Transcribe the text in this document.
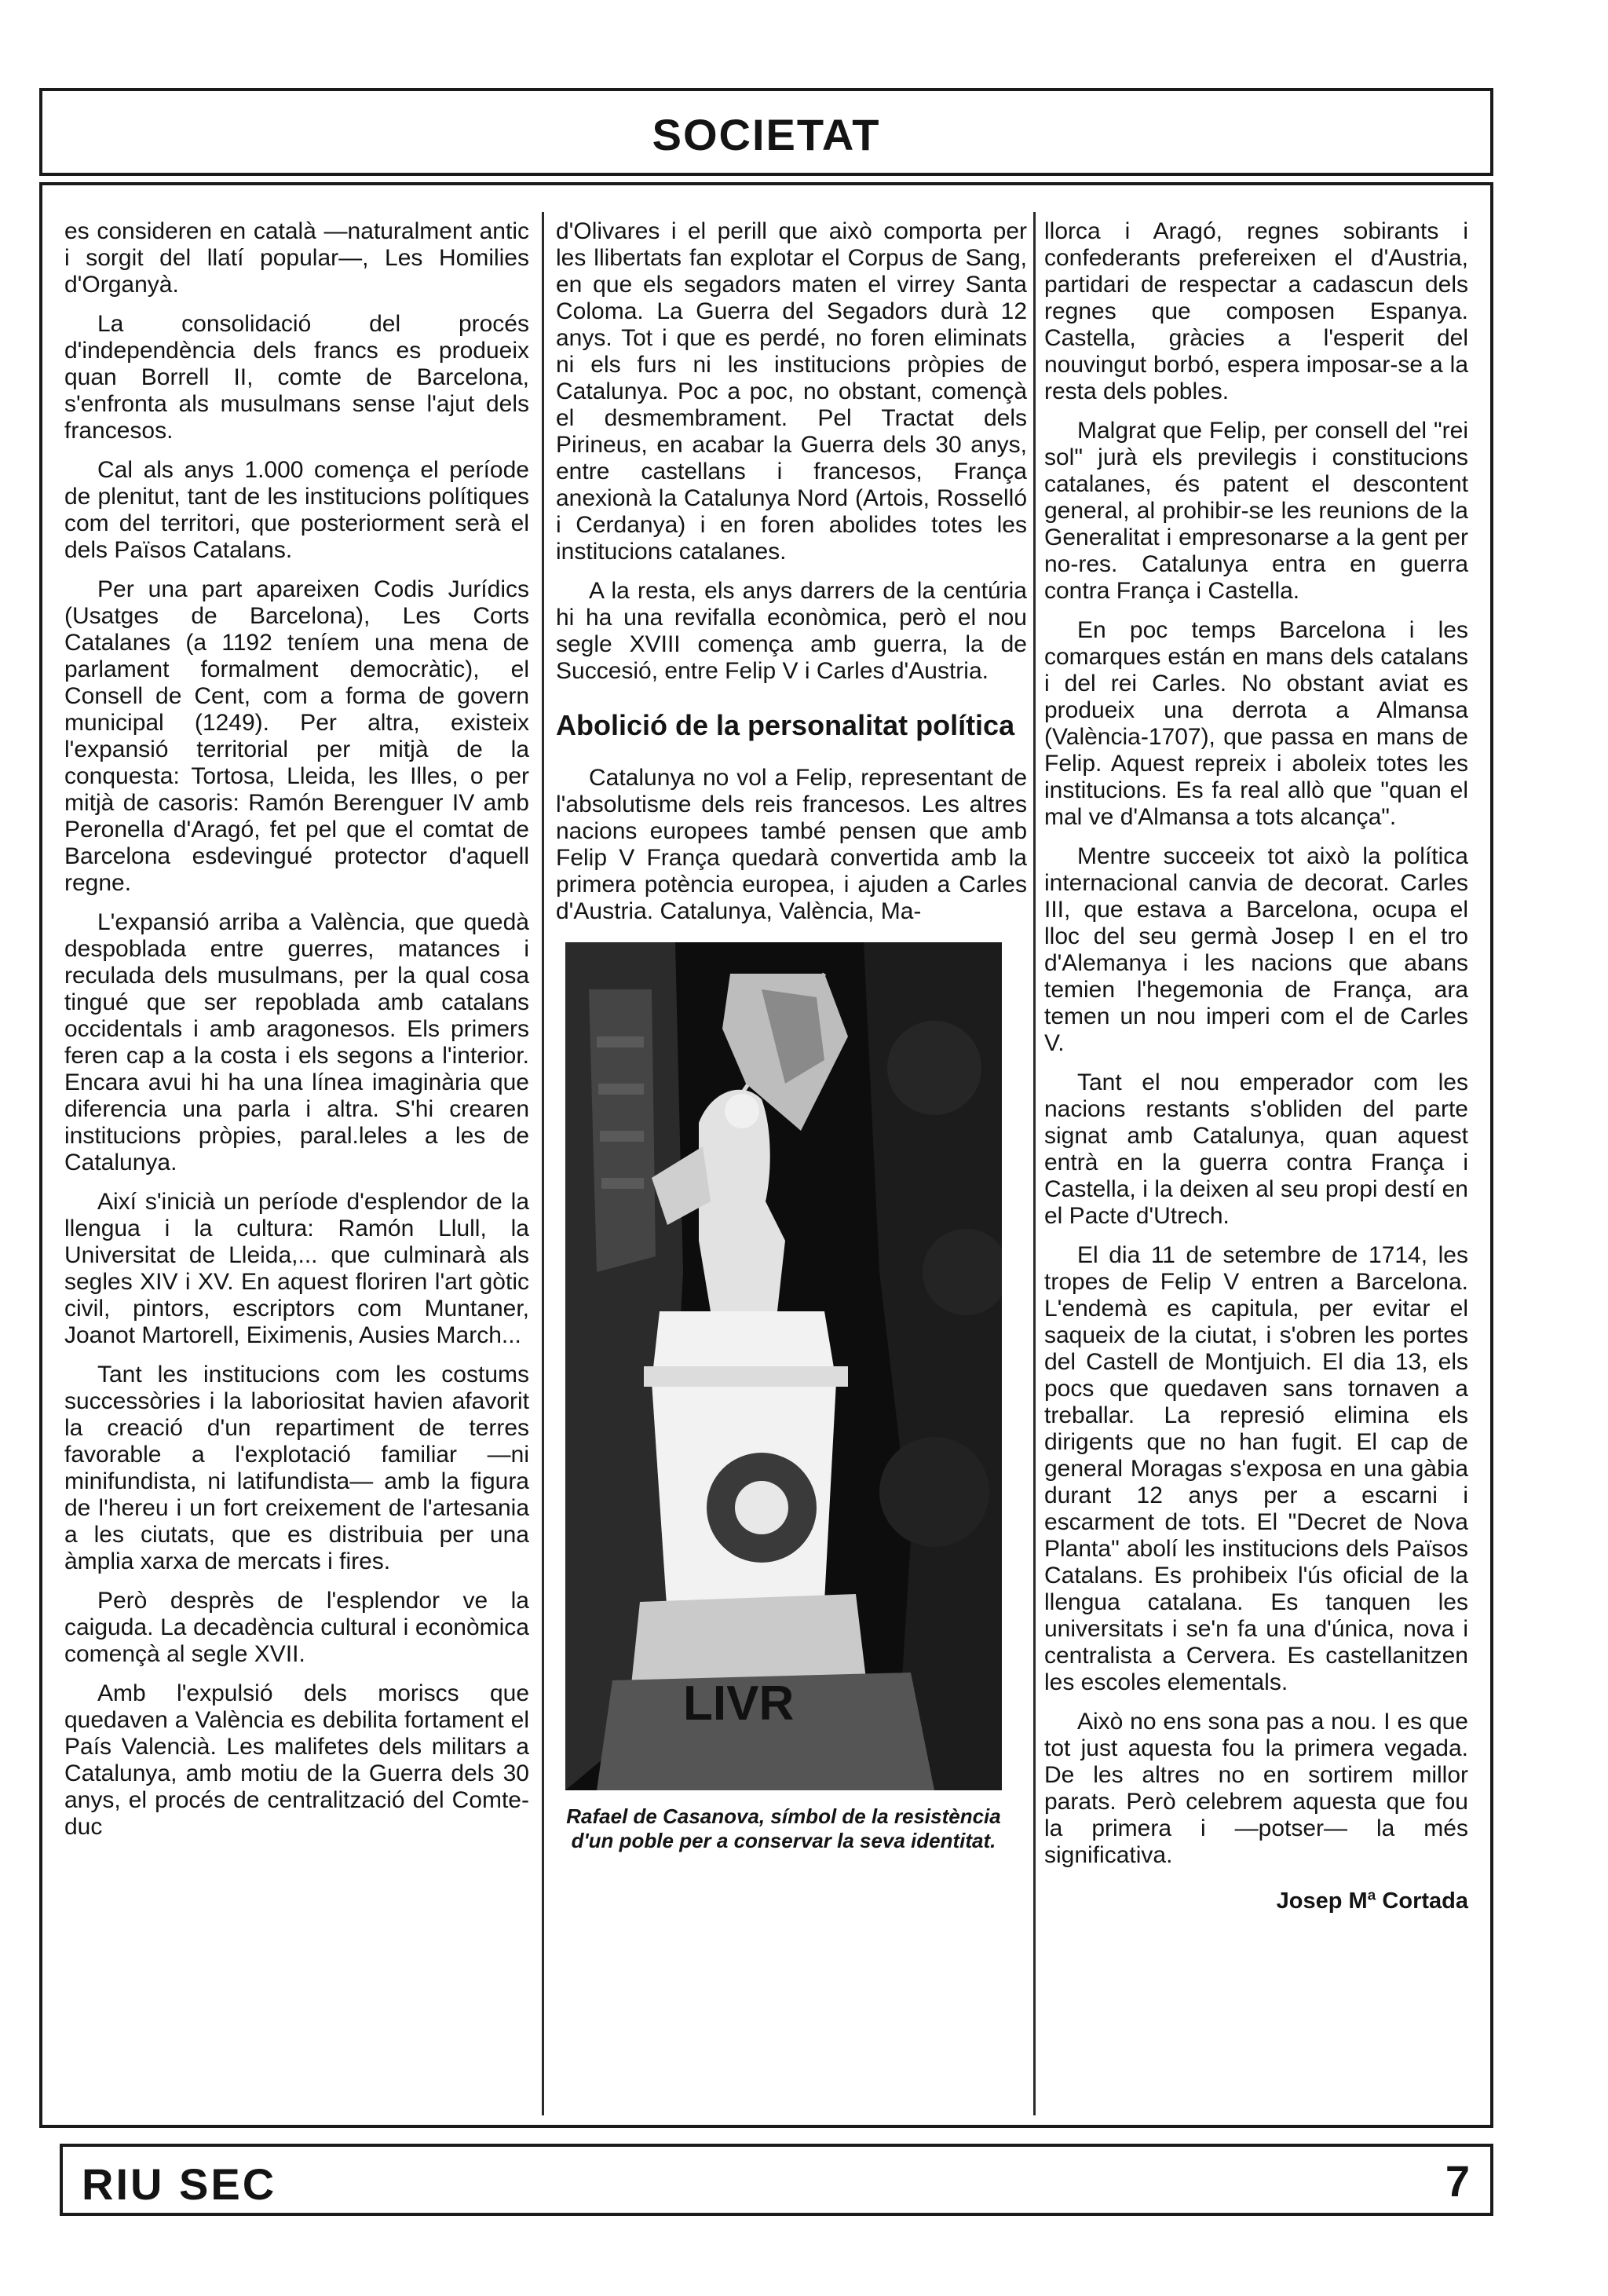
SOCIETAT

es consideren en català —naturalment antic i sorgit del llatí popular—, Les Homilies d'Organyà.

La consolidació del procés d'independència dels francs es produeix quan Borrell II, comte de Barcelona, s'enfronta als musulmans sense l'ajut dels francesos.

Cal als anys 1.000 comença el període de plenitut, tant de les institucions polítiques com del territori, que posteriorment serà el dels Països Catalans.

Per una part apareixen Codis Jurídics (Usatges de Barcelona), Les Corts Catalanes (a 1192 teníem una mena de parlament formalment democràtic), el Consell de Cent, com a forma de govern municipal (1249). Per altra, existeix l'expansió territorial per mitjà de la conquesta: Tortosa, Lleida, les Illes, o per mitjà de casoris: Ramón Berenguer IV amb Peronella d'Aragó, fet pel que el comtat de Barcelona esdevingué protector d'aquell regne.

L'expansió arriba a València, que quedà despoblada entre guerres, matances i reculada dels musulmans, per la qual cosa tingué que ser repoblada amb catalans occidentals i amb aragonesos. Els primers feren cap a la costa i els segons a l'interior. Encara avui hi ha una línea imaginària que diferencia una parla i altra. S'hi crearen institucions pròpies, paral.leles a les de Catalunya.

Així s'inicià un període d'esplendor de la llengua i la cultura: Ramón Llull, la Universitat de Lleida,... que culminarà als segles XIV i XV. En aquest floriren l'art gòtic civil, pintors, escriptors com Muntaner, Joanot Martorell, Eiximenis, Ausies March...

Tant les institucions com les costums successòries i la laboriositat havien afavorit la creació d'un repartiment de terres favorable a l'explotació familiar —ni minifundista, ni latifundista— amb la figura de l'hereu i un fort creixement de l'artesania a les ciutats, que es distribuia per una àmplia xarxa de mercats i fires.

Però desprès de l'esplendor ve la caiguda. La decadència cultural i econòmica començà al segle XVII.

Amb l'expulsió dels moriscs que quedaven a València es debilita fortament el País Valencià. Les malifetes dels militars a Catalunya, amb motiu de la Guerra dels 30 anys, el procés de centralització del Comte-duc

d'Olivares i el perill que això comporta per les llibertats fan explotar el Corpus de Sang, en que els segadors maten el virrey Santa Coloma. La Guerra del Segadors durà 12 anys. Tot i que es perdé, no foren eliminats ni els furs ni les institucions pròpies de Catalunya. Poc a poc, no obstant, començà el desmembrament. Pel Tractat dels Pirineus, en acabar la Guerra dels 30 anys, entre castellans i francesos, França anexionà la Catalunya Nord (Artois, Rosselló i Cerdanya) i en foren abolides totes les institucions catalanes.

A la resta, els anys darrers de la centúria hi ha una revifalla econòmica, però el nou segle XVIII comença amb guerra, la de Succesió, entre Felip V i Carles d'Austria.

Abolició de la personalitat política

Catalunya no vol a Felip, representant de l'absolutisme dels reis francesos. Les altres nacions europees també pensen que amb Felip V França quedarà convertida amb la primera potència europea, i ajuden a Carles d'Austria. Catalunya, València, Ma-

LIVR
Rafael de Casanova, símbol de la resistència d'un poble per a conservar la seva identitat.

llorca i Aragó, regnes sobirants i confederants prefereixen el d'Austria, partidari de respectar a cadascun dels regnes que composen Espanya. Castella, gràcies a l'esperit del nouvingut borbó, espera imposar-se a la resta dels pobles.

Malgrat que Felip, per consell del "rei sol" jurà els previlegis i constitucions catalanes, és patent el descontent general, al prohibir-se les reunions de la Generalitat i empresonarse a la gent per no-res. Catalunya entra en guerra contra França i Castella.

En poc temps Barcelona i les comarques están en mans dels catalans i del rei Carles. No obstant aviat es produeix una derrota a Almansa (València-1707), que passa en mans de Felip. Aquest repreix i aboleix totes les institucions. Es fa real allò que "quan el mal ve d'Almansa a tots alcança".

Mentre succeeix tot això la política internacional canvia de decorat. Carles III, que estava a Barcelona, ocupa el lloc del seu germà Josep I en el tro d'Alemanya i les nacions que abans temien l'hegemonia de França, ara temen un nou imperi com el de Carles V.

Tant el nou emperador com les nacions restants s'obliden del parte signat amb Catalunya, quan aquest entrà en la guerra contra França i Castella, i la deixen al seu propi destí en el Pacte d'Utrech.

El dia 11 de setembre de 1714, les tropes de Felip V entren a Barcelona. L'endemà es capitula, per evitar el saqueix de la ciutat, i s'obren les portes del Castell de Montjuich. El dia 13, els pocs que quedaven sans tornaven a treballar. La represió elimina els dirigents que no han fugit. El cap de general Moragas s'exposa en una gàbia durant 12 anys per a escarni i escarment de tots. El "Decret de Nova Planta" abolí les institucions dels Països Catalans. Es prohibeix l'ús oficial de la llengua catalana. Es tanquen les universitats i se'n fa una d'única, nova i centralista a Cervera. Es castellanitzen les escoles elementals.

Això no ens sona pas a nou. I es que tot just aquesta fou la primera vegada. De les altres no en sortirem millor parats. Però celebrem aquesta que fou la primera i —potser— la més significativa.

Josep Mª Cortada
RIU SEC	7
